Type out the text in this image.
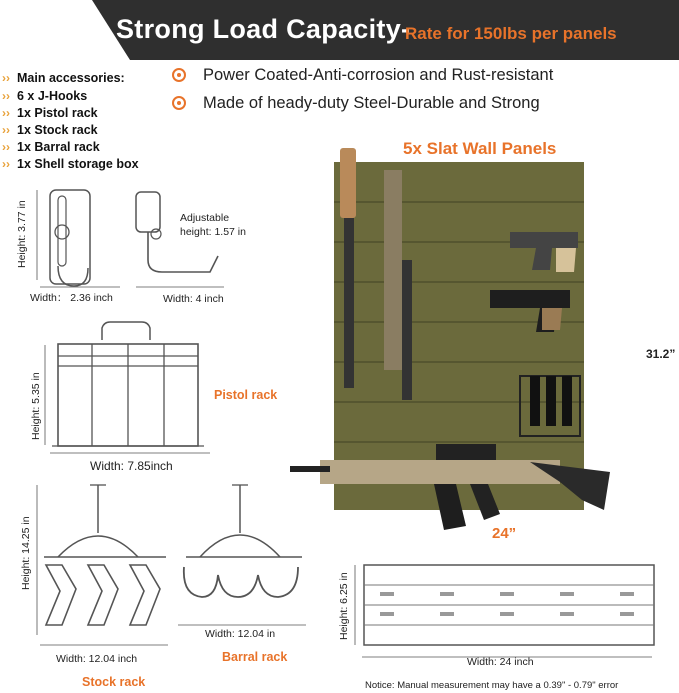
Strong Load Capacity-
Rate for 150lbs per panels
Power Coated-Anti-corrosion and Rust-resistant
Made of heady-duty Steel-Durable and Strong
›› Main accessories:
›› 6 x J-Hooks
›› 1x Pistol rack
›› 1x Stock rack
›› 1x Barral rack
›› 1x Shell storage box
Height: 3.77 in
Width： 2.36 inch
Adjustable
height: 1.57 in
Width: 4 inch
Height: 5.35 in
Width: 7.85inch
Pistol rack
Height: 14.25 in
Width: 12.04 inch
Stock rack
Width: 12.04 in
Barral rack
5x Slat Wall Panels
31.2”
24”
Height: 6.25 in
Width: 24 inch
Notice: Manual measurement may have a 0.39" - 0.79" error
